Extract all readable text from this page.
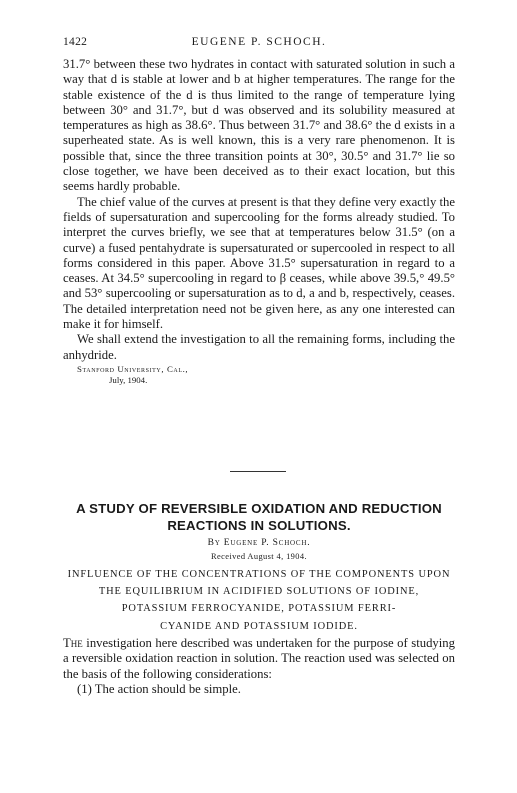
1422	EUGENE P. SCHOCH.

31.7° between these two hydrates in contact with saturated solution in such a way that d is stable at lower and b at higher temperatures. The range for the stable existence of the d is thus limited to the range of temperature lying between 30° and 31.7°, but d was observed and its solubility measured at temperatures as high as 38.6°. Thus between 31.7° and 38.6° the d exists in a superheated state. As is well known, this is a very rare phenomenon. It is possible that, since the three transition points at 30°, 30.5° and 31.7° lie so close together, we have been deceived as to their exact location, but this seems hardly probable.

The chief value of the curves at present is that they define very exactly the fields of supersaturation and supercooling for the forms already studied. To interpret the curves briefly, we see that at temperatures below 31.5° (on a curve) a fused pentahydrate is supersaturated or supercooled in respect to all forms considered in this paper. Above 31.5° supersaturation in regard to a ceases. At 34.5° supercooling in regard to β ceases, while above 39.5,° 49.5° and 53° supercooling or supersaturation as to d, a and b, respectively, ceases. The detailed interpretation need not be given here, as any one interested can make it for himself.

We shall extend the investigation to all the remaining forms, including the anhydride.

Stanford University, Cal.,
July, 1904.
A STUDY OF REVERSIBLE OXIDATION AND REDUCTION
REACTIONS IN SOLUTIONS.
By Eugene P. Schoch.
Received August 4, 1904.
INFLUENCE OF THE CONCENTRATIONS OF THE COMPONENTS UPON
THE EQUILIBRIUM IN ACIDIFIED SOLUTIONS OF IODINE,
POTASSIUM FERROCYANIDE, POTASSIUM FERRI-
CYANIDE AND POTASSIUM IODIDE.

The investigation here described was undertaken for the purpose of studying a reversible oxidation reaction in solution. The reaction used was selected on the basis of the following considerations:

(1) The action should be simple.
